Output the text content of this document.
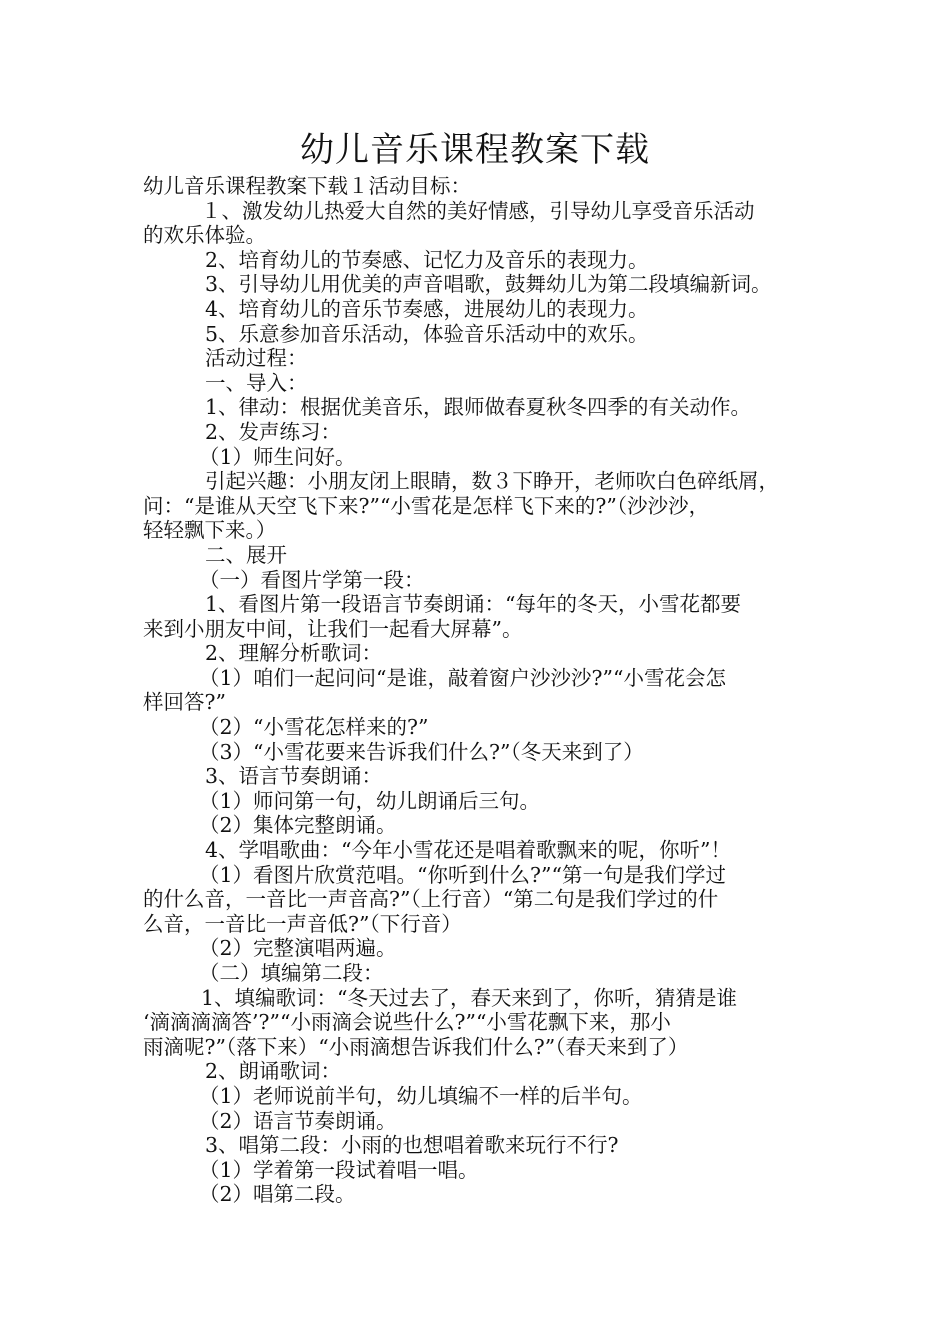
幼儿音乐课程教案下载
幼儿音乐课程教案下载１活动目标：
１、激发幼儿热爱大自然的美好情感，引导幼儿享受音乐活动
的欢乐体验。
2、培育幼儿的节奏感、记忆力及音乐的表现力。
3、引导幼儿用优美的声音唱歌，鼓舞幼儿为第二段填编新词。
4、培育幼儿的音乐节奏感，进展幼儿的表现力。
5、乐意参加音乐活动，体验音乐活动中的欢乐。
活动过程：
一、导入：
1、律动：根据优美音乐，跟师做春夏秋冬四季的有关动作。
2、发声练习：
（1）师生问好。
引起兴趣：小朋友闭上眼睛，数３下睁开，老师吹白色碎纸屑，
问：“是谁从天空飞下来?”“小雪花是怎样飞下来的?”（沙沙沙，
轻轻飘下来。）
二、展开
（一）看图片学第一段：
1、看图片第一段语言节奏朗诵：“每年的冬天，小雪花都要
来到小朋友中间，让我们一起看大屏幕”。
2、理解分析歌词：
（1）咱们一起问问“是谁，敲着窗户沙沙沙?”“小雪花会怎
样回答?”
（2）“小雪花怎样来的?”
（3）“小雪花要来告诉我们什么?”（冬天来到了）
3、语言节奏朗诵：
（1）师问第一句，幼儿朗诵后三句。
（2）集体完整朗诵。
4、学唱歌曲：“今年小雪花还是唱着歌飘来的呢，你听”！
（1）看图片欣赏范唱。“你听到什么?”“第一句是我们学过
的什么音，一音比一声音高?”（上行音）“第二句是我们学过的什
么音，一音比一声音低?”（下行音）
（2）完整演唱两遍。
（二）填编第二段：
1、填编歌词：“冬天过去了，春天来到了，你听，猜猜是谁
‘滴滴滴滴答’?”“小雨滴会说些什么?”“小雪花飘下来，那小
雨滴呢?”（落下来）“小雨滴想告诉我们什么?”（春天来到了）
2、朗诵歌词：
（1）老师说前半句，幼儿填编不一样的后半句。
（2）语言节奏朗诵。
3、唱第二段：小雨的也想唱着歌来玩行不行?
（1）学着第一段试着唱一唱。
（2）唱第二段。
